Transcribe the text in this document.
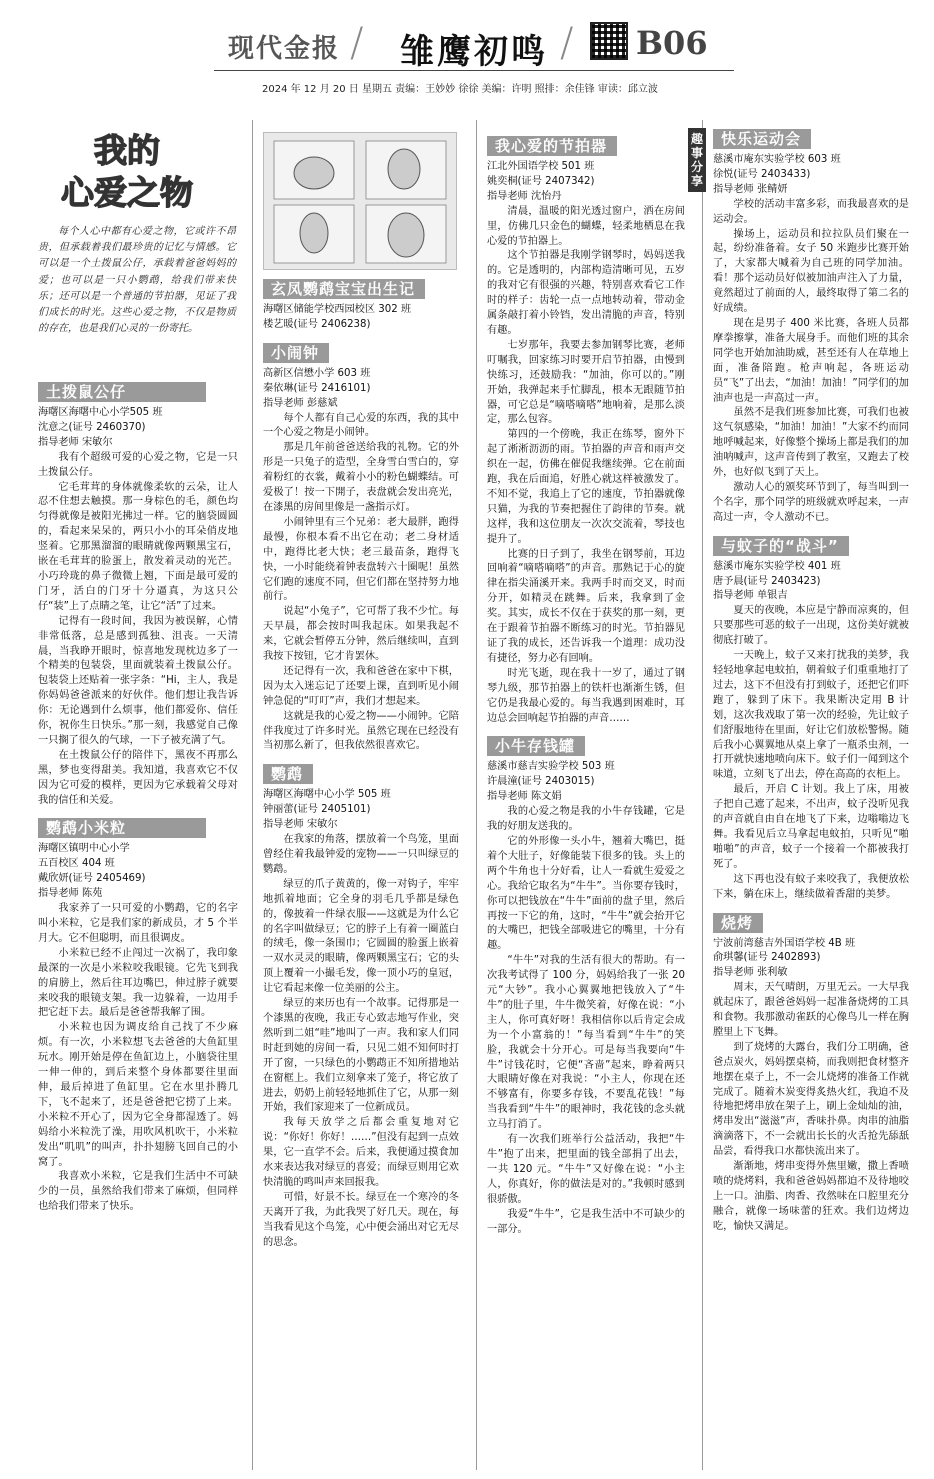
现代金报 / 雏鹰初鸣 / B06
2024 年 12 月 20 日 星期五 责编：王妙妙 徐徐 美编：许明 照排：余佳锋 审读：邱立波
我的
心爱之物
每个人心中都有心爱之物，它或许不昂贵，但承载着我们最珍贵的记忆与情感。它可以是一个土拨鼠公仔，承载着爸爸妈妈的爱；也可以是一只小鹦鹉，给我们带来快乐；还可以是一个普通的节拍器，见证了我们成长的时光。这些心爱之物，不仅是物质的存在，也是我们心灵的一份寄托。
土拨鼠公仔

海曙区海曙中心小学505 班
沈意之(证号 2460370)
指导老师 宋敏尔

我有个超级可爱的心爱之物，它是一只土拨鼠公仔。

它毛茸茸的身体就像柔软的云朵，让人忍不住想去触摸。那一身棕色的毛，颜色均匀得就像是被阳光拂过一样。它的脑袋圆圆的，看起来呆呆的，两只小小的耳朵俏皮地竖着。它那黑溜溜的眼睛就像两颗黑宝石，嵌在毛茸茸的脸蛋上，散发着灵动的光芒。小巧玲珑的鼻子微微上翘，下面是最可爱的门牙，活白的门牙十分逼真，为这只公仔“装”上了点睛之笔，让它“活”了过来。

记得有一段时间，我因为被误解，心情非常低落，总是感到孤独、沮丧。一天清晨，当我睁开眼时，惊喜地发现枕边多了一个精美的包装袋，里面就装着土拨鼠公仔。包装袋上还贴着一张字条：“Hi，主人，我是你妈妈爸爸派来的好伙伴。他们想让我告诉你：无论遇到什么烦事，他们都爱你、信任你，祝你生日快乐。”那一刻，我感觉自己像一只搁了很久的气球，一下子被充满了气。

在土拨鼠公仔的陪伴下，黑夜不再那么黑，梦也变得甜美。我知道，我喜欢它不仅因为它可爱的模样，更因为它承载着父母对我的信任和关爱。

鹦鹉小米粒

海曙区镇明中心小学
五百校区 404 班
戴欣妍(证号 2405469)
指导老师 陈苑

我家养了一只可爱的小鹦鹉，它的名字叫小米粒，它是我们家的新成员，才 5 个半月大。它不但聪明，而且很调皮。

小米粒已经不止闯过一次祸了，我印象最深的一次是小米粒咬我眼镜。它先飞到我的肩膀上，然后往耳边嘴巴，伸过脖子就要来咬我的眼镜支架。我一边躲着，一边用手把它赶下去。最后是爸爸帮我解了围。

小米粒也因为调皮给自己找了不少麻烦。有一次，小米粒想飞去爸爸的大鱼缸里玩水。刚开始是停在鱼缸边上，小脑袋往里一伸一伸的，到后来整个身体都要往里面伸，最后掉进了鱼缸里。它在水里扑腾几下，飞不起来了，还是爸爸把它捞了上来。小米粒不开心了，因为它全身都湿透了。妈妈给小米粒洗了澡，用吹风机吹干，小米粒发出“叽叽”的叫声，扑扑翅膀飞回自己的小窝了。

我喜欢小米粒，它是我们生活中不可缺少的一员，虽然给我们带来了麻烦，但同样也给我们带来了快乐。

玄凤鹦鹉宝宝出生记

海曙区储能学校西园校区 302 班
楼艺暖(证号 2406238)

小闹钟

高新区信懋小学 603 班
秦依琳(证号 2416101)
指导老师 彭慈斌

每个人都有自己心爱的东西，我的其中一个心爱之物是小闹钟。

那是几年前爸爸送给我的礼物。它的外形是一只兔子的造型，全身雪白雪白的，穿着粉红的衣裳，戴着小小的粉色蝴蝶结。可爱极了！按一下開子，表盘就会发出亮光，在漆黑的房间里像是一盏指示灯。

小闹钟里有三个兄弟：老大最胖，跑得最慢，你根本看不出它在动；老二身材适中，跑得比老大快；老三最苗条，跑得飞快，一小时能绕着钟表盘转六十圈呢！虽然它们跑的速度不同，但它们都在坚持努力地前行。

说起“小兔子”，它可帮了我不少忙。每天早晨，都会按时叫我起床。如果我起不来，它就会暂停五分钟，然后继续叫，直到我按下按钮，它才肯罢休。

还记得有一次，我和爸爸在家中下棋，因为太入迷忘记了还要上课，直到听见小闹钟急促的“叮叮”声，我们才想起来。

这就是我的心爱之物——小闹钟。它陪伴我度过了许多时光。虽然它现在已经没有当初那么新了，但我依然很喜欢它。

鹦鹉

海曙区海曙中心小学 505 班
钟丽蕾(证号 2405101)
指导老师 宋敏尔

在我家的角落，摆放着一个鸟笼，里面曾经住着我最钟爱的宠物——一只叫绿豆的鹦鹉。

绿豆的爪子黄黄的，像一对钩子，牢牢地抓着地面；它全身的羽毛几乎都是绿色的，像披着一件绿衣服——这就是为什么它的名字叫做绿豆；它的脖子上有着一圈蓝白的绒毛，像一条围巾；它圆圆的脸蛋上嵌着一双水灵灵的眼睛，像两颗黑宝石；它的头顶上覆着一小撮毛发，像一顶小巧的皇冠，让它看起来像一位美丽的公主。

绿豆的来历也有一个故事。记得那是一个漆黑的夜晚，我正专心致志地写作业，突然听到二姐“哇”地叫了一声。我和家人们同时赶到她的房间一看，只见二姐不知何时打开了窗，一只绿色的小鹦鹉正不知所措地站在窗框上。我们立刻拿来了笼子，将它放了进去，奶奶上前轻轻地抓住了它，从那一刻开始，我们家迎来了一位新成员。

我每天放学之后都会重复地对它说：“你好！你好！……”但没有起到一点效果，它一直学不会。后来，我便通过摸食加水来表达我对绿豆的喜爱；而绿豆则用它欢快清脆的鸣叫声来回报我。

可惜，好景不长。绿豆在一个寒冷的冬天离开了我，为此我哭了好几天。现在，每当我看见这个鸟笼，心中便会涌出对它无尽的思念。

我心爱的节拍器

江北外国语学校 501 班
姚奕桐(证号 2407342)
指导老师 沈怡丹

清晨，温暖的阳光透过窗户，洒在房间里，仿佛几只金色的蝴蝶，轻柔地栖息在我心爱的节拍器上。

这个节拍器是我刚学钢琴时，妈妈送我的。它是透明的，内部构造清晰可见，五岁的我对它有很强的兴趣，特别喜欢看它工作时的样子：齿轮一点一点地转动着，带动金属条敲打着小铃铛，发出清脆的声音，特别有趣。

七岁那年，我要去参加钢琴比赛，老师叮嘱我，回家练习时要开启节拍器，由慢到快练习，还鼓励我：“加油，你可以的。”刚开始，我弹起来手忙脚乱，根本无跟随节拍器，可它总是“嘀嗒嘀嗒”地响着，是那么淡定，那么包容。

第四的一个傍晚，我正在练琴，窗外下起了淅淅沥沥的雨。节拍器的声音和雨声交织在一起，仿佛在催促我继续弹。它在前面跑，我在后面追，好胜心就这样被激发了。不知不觉，我追上了它的速度，节拍器就像只猫，为我的节奏把握住了韵律的节奏。就这样，我和这位朋友一次次交流着，琴技也提升了。

比赛的日子到了，我坐在钢琴前，耳边回响着“嘀嗒嘀嗒”的声音。那熟记于心的旋律在指尖涌溪开来。我两手时而交叉，时而分开，如精灵在跳舞。后来，我拿到了金奖。其实，成长不仅在于获奖的那一刻，更在于跟着节拍器不断练习的时光。节拍器见证了我的成长，还告诉我一个道理：成功没有捷径，努力必有回响。

时光飞逝，现在我十一岁了，通过了钢琴九级，那节拍器上的铁杆也渐渐生锈，但它仍是我最心爱的。每当我遇到困难时，耳边总会回响起节拍器的声音……

小牛存钱罐

慈溪市慈吉实验学校 503 班
许晨潼(证号 2403015)
指导老师 陈文娟

我的心爱之物是我的小牛存钱罐，它是我的好朋友送我的。

它的外形像一头小牛，翘着大嘴巴，挺着个大肚子，好像能装下很多的钱。头上的两个牛角也十分好看，让人一看就生爱爱之心。我给它取名为“牛牛”。当你要存钱时，你可以把钱放在“牛牛”面前的盘子里，然后再按一下它的角，这时，“牛牛”就会抬开它的大嘴巴，把钱全部吸进它的嘴里，十分有趣。

“牛牛”对我的生活有很大的帮助。有一次我考试得了 100 分，妈妈给我了一张 20 元“大钞”。我小心翼翼地把钱放入了“牛牛”的肚子里，牛牛微笑着，好像在说：“小主人，你可真好呀！我相信你以后肯定会成为一个小富翁的！”每当看到“牛牛”的笑脸，我就会十分开心。可是每当我要向“牛牛”讨钱花时，它便“吝啬”起来，睁着两只大眼睛好像在对我说：“小主人，你现在还不够富有，你要多存钱，不要乱花钱！”每当我看到“牛牛”的眼神时，我花钱的念头就立马打消了。

有一次我们班举行公益活动，我把“牛牛”抱了出来，把里面的钱全部捐了出去，一共 120 元。“牛牛”又好像在说：“小主人，你真好，你的做法是对的。”我顿时感到很骄傲。

我爱“牛牛”，它是我生活中不可缺少的一部分。

趣事分享
快乐运动会

慈溪市庵东实验学校 603 班
徐悦(证号 2403433)
指导老师 张鲭妍

学校的活动丰富多彩，而我最喜欢的是运动会。

操场上，运动员和拉拉队员们聚在一起，纷纷准备着。女子 50 米跑步比赛开始了，大家都大喊着为自己班的同学加油。看！那个运动员好似被加油声注入了力量，竟然超过了前面的人，最终取得了第二名的好成绩。

现在是男子 400 米比赛，各班人员都摩拳擦掌，准备大展身手。而他们班的其余同学也开始加油助威，甚至还有人在草地上面，准备陪跑。枪声响起，各班运动员“飞”了出去，“加油！加油！”同学们的加油声也是一声高过一声。

虽然不是我们班参加比赛，可我们也被这气氛感染，“加油！加油！”大家不约而同地呼喊起来，好像整个操场上都是我们的加油呐喊声，这声音传到了教室，又跑去了校外，也好似飞到了天上。

激动人心的颁奖环节到了，每当叫到一个名字，那个同学的班级就欢呼起来，一声高过一声，令人激动不已。

与蚊子的“战斗”

慈溪市庵东实验学校 401 班
唐予晨(证号 2403423)
指导老师 单银吉

夏天的夜晚，本应是宁静而凉爽的，但只要那些可恶的蚊子一出现，这份美好就被彻底打破了。

一天晚上，蚊子又来打扰我的美梦，我轻轻地拿起电蚊拍，朝着蚊子们重重地打了过去，这下不但没有打到蚊子，还把它们吓跑了，躲到了床下。我果断决定用 B 计划，这次我戏取了第一次的经验，先让蚊子们舒服地待在里面，好让它们放松警惕。随后我小心翼翼地从桌上拿了一瓶杀虫剂，一打开就快速地喷向床下。蚊子们一闻到这个味道，立刻飞了出去，停在高高的衣柜上。

最后，开启 C 计划。我上了床，用被子把自己遮了起来，不出声，蚊子没听见我的声音就自由自在地飞了下来，边嗡嗡边飞舞。我看见后立马拿起电蚊拍，只听见“啪啪啪”的声音，蚊子一个接着一个都被我打死了。

这下再也没有蚊子来咬我了，我便放松下来，躺在床上，继续做着香甜的美梦。

烧烤

宁波前湾慈吉外国语学校 4B 班
俞琪馨(证号 2402893)
指导老师 张利敏

周末，天气晴朗，万里无云。一大早我就起床了，跟爸爸妈妈一起准备烧烤的工具和食物。我那激动雀跃的心像鸟儿一样在胸膛里上下飞舞。

到了烧烤的大露台，我们分工明确，爸爸点炭火，妈妈摆桌椅，而我则把食材整齐地摆在桌子上，不一会儿烧烤的准备工作就完成了。随着木炭变得炙热火红，我迫不及待地把烤串放在架子上，刷上金灿灿的油，烤串发出“滋滋”声，香味扑鼻。肉串的油脂滴滴落下，不一会就出长长的火舌抢先舔舐品尝，看得我口水都快流出来了。

渐渐地，烤串变得外焦里嫩，撒上香喷喷的烧烤料，我和爸爸妈妈都迫不及待地咬上一口。油脂、肉香、孜然味在口腔里充分融合，就像一场味蕾的狂欢。我们边烤边吃，愉快又满足。
